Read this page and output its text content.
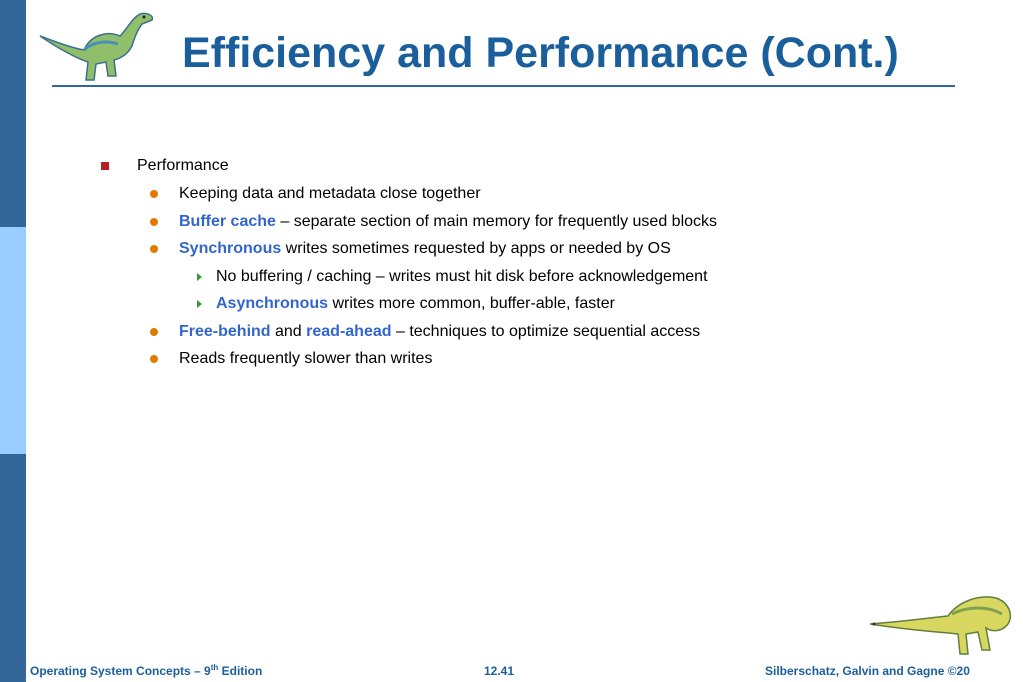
Efficiency and Performance (Cont.)
Performance
Keeping data and metadata close together
Buffer cache – separate section of main memory for frequently used blocks
Synchronous writes sometimes requested by apps or needed by OS
No buffering / caching – writes must hit disk before acknowledgement
Asynchronous writes more common, buffer-able, faster
Free-behind and read-ahead – techniques to optimize sequential access
Reads frequently slower than writes
Operating System Concepts – 9th Edition	12.41	Silberschatz, Galvin and Gagne ©20
